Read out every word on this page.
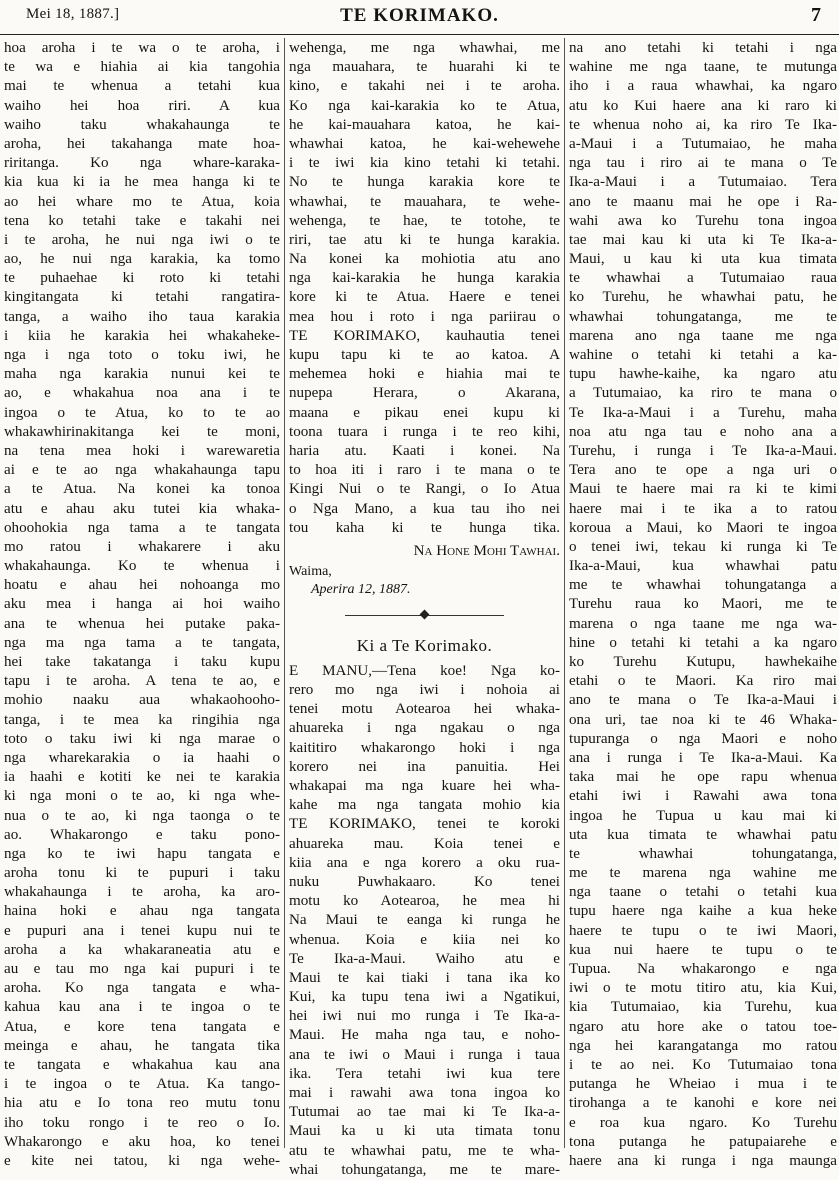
Mei 18, 1887.]	TE KORIMAKO.	7
hoa aroha i te wa o te aroha, i
te wa e hiahia ai kia tangohia
mai te whenua a tetahi kua
waiho hei hoa riri. A kua
waiho taku whakahaunga te
aroha, hei takahanga mate hoa-
riritanga. Ko nga whare-karaka-
kia kua ki ia he mea hanga ki te
ao hei whare mo te Atua, koia
tena ko tetahi take e takahi nei
i te aroha, he nui nga iwi o te
ao, he nui nga karakia, ka tomo
te puhaehae ki roto ki tetahi
kingitangata ki tetahi rangatira-
tanga, a waiho iho taua karakia
i kiia he karakia hei whakaheke-
nga i nga toto o toku iwi, he
maha nga karakia nunui kei te
ao, e whakahua noa ana i te
ingoa o te Atua, ko to te ao
whakawhirinakitanga kei te moni,
na tena mea hoki i warewaretia
ai e te ao nga whakahaunga tapu
a te Atua. Na konei ka tonoa
atu e ahau aku tutei kia whaka-
ohoohokia nga tama a te tangata
mo ratou i whakarere i aku
whakahaunga. Ko te whenua i
hoatu e ahau hei nohoanga mo
aku mea i hanga ai hoi waiho
ana te whenua hei putake paka-
nga ma nga tama a te tangata,
hei take takatanga i taku kupu
tapu i te aroha. A tena te ao, e
mohio naaku aua whakaohooho-
tanga, i te mea ka ringihia nga
toto o taku iwi ki nga marae o
nga wharekarakia o ia haahi o
ia haahi e kotiti ke nei te karakia
ki nga moni o te ao, ki nga whe-
nua o te ao, ki nga taonga o te
ao. Whakarongo e taku pono-
nga ko te iwi hapu tangata e
aroha tonu ki te pupuri i taku
whakahaunga i te aroha, ka aro-
haina hoki e ahau nga tangata
e pupuri ana i tenei kupu nui te
aroha a ka whakaraneatia atu e
au e tau mo nga kai pupuri i te
aroha. Ko nga tangata e wha-
kahua kau ana i te ingoa o te
Atua, e kore tena tangata e
meinga e ahau, he tangata tika
te tangata e whakahua kau ana
i te ingoa o te Atua. Ka tango-
hia atu e Io tona reo mutu tonu
iho toku rongo i te reo o Io.
Whakarongo e aku hoa, ko tenei
e kite nei tatou, ki nga wehe-
wehenga, me nga whawhai, me
nga mauahara, te huarahi ki te
kino, e takahi nei i te aroha.
Ko nga kai-karakia ko te Atua,
he kai-mauahara katoa, he kai-
whawhai katoa, he kai-wehewehe
i te iwi kia kino tetahi ki tetahi.
No te hunga karakia kore te
whawhai, te mauahara, te wehe-
wehenga, te hae, te totohe, te
riri, tae atu ki te hunga karakia.
Na konei ka mohiotia atu ano
nga kai-karakia he hunga karakia
kore ki te Atua. Haere e tenei
mea hou i roto i nga pariirau o
TE KORIMAKO, kauhautia tenei
kupu tapu ki te ao katoa. A
mehemea hoki e hiahia mai te
nupepa Herara, o Akarana,
maana e pikau enei kupu ki
toona tuara i runga i te reo kihi,
haria atu. Kaati i konei. Na
to hoa iti i raro i te mana o te
Kingi Nui o te Rangi, o Io Atua
o Nga Mano, a kua tau iho nei
tou kaha ki te hunga tika.
Na Hone Mohi Tawhai.
Waima,
Aperira 12, 1887.
Ki a Te Korimako.
E MANU,—Tena koe! Nga ko-
rero mo nga iwi i nohoia ai
tenei motu Aotearoa hei whaka-
ahuareka i nga ngakau o nga
kaititiro whakarongo hoki i nga
korero nei ina panuitia. Hei
whakapai ma nga kuare hei wha-
kahe ma nga tangata mohio kia
TE KORIMAKO, tenei te koroki
ahuareka mau. Koia tenei e
kiia ana e nga korero a oku rua-
nuku Puwhakaaro. Ko tenei
motu ko Aotearoa, he mea hi
Na Maui te eanga ki runga he
whenua. Koia e kiia nei ko
Te Ika-a-Maui. Waiho atu e
Maui te kai tiaki i tana ika ko
Kui, ka tupu tena iwi a Ngatikui,
hei iwi nui mo runga i Te Ika-a-
Maui. He maha nga tau, e noho-
ana te iwi o Maui i runga i taua
ika. Tera tetahi iwi kua tere
mai i rawahi awa tona ingoa ko
Tutumai ao tae mai ki Te Ika-a-
Maui ka u ki uta timata tonu
atu te whawhai patu, me te wha-
whai tohungatanga, me te mare-
na ano tetahi ki tetahi i nga
wahine me nga taane, te mutunga
iho i a raua whawhai, ka ngaro
atu ko Kui haere ana ki raro ki
te whenua noho ai, ka riro Te Ika-
a-Maui i a Tutumaiao, he maha
nga tau i riro ai te mana o Te
Ika-a-Maui i a Tutumaiao. Tera
ano te maanu mai he ope i Ra-
wahi awa ko Turehu tona ingoa
tae mai kau ki uta ki Te Ika-a-
Maui, u kau ki uta kua timata
te whawhai a Tutumaiao raua
ko Turehu, he whawhai patu, he
whawhai tohungatanga, me te
marena ano nga taane me nga
wahine o tetahi ki tetahi a ka-
tupu hawhe-kaihe, ka ngaro atu
a Tutumaiao, ka riro te mana o
Te Ika-a-Maui i a Turehu, maha
noa atu nga tau e noho ana a
Turehu, i runga i Te Ika-a-Maui.
Tera ano te ope a nga uri o
Maui te haere mai ra ki te kimi
haere mai i te ika a to ratou
koroua a Maui, ko Maori te ingoa
o tenei iwi, tekau ki runga ki Te
Ika-a-Maui, kua whawhai patu
me te whawhai tohungatanga a
Turehu raua ko Maori, me te
marena o nga taane me nga wa-
hine o tetahi ki tetahi a ka ngaro
ko Turehu Kutupu, hawhekaihe
etahi o te Maori. Ka riro mai
ano te mana o Te Ika-a-Maui i
ona uri, tae noa ki te 46 Whaka-
tupuranga o nga Maori e noho
ana i runga i Te Ika-a-Maui. Ka
taka mai he ope rapu whenua
etahi iwi i Rawahi awa tona
ingoa he Tupua u kau mai ki
uta kua timata te whawhai patu
te whawhai tohungatanga,
me te marena nga wahine me
nga taane o tetahi o tetahi kua
tupu haere nga kaihe a kua heke
haere te tupu o te iwi Maori,
kua nui haere te tupu o te
Tupua. Na whakarongo e nga
iwi o te motu titiro atu, kia Kui,
kia Tutumaiao, kia Turehu, kua
ngaro atu hore ake o tatou toe-
nga hei karangatanga mo ratou
i te ao nei. Ko Tutumaiao tona
putanga he Wheiao i mua i te
tirohanga a te kanohi e kore nei
e roa kua ngaro. Ko Turehu
tona putanga he patupaiarehe e
haere ana ki runga i nga maunga
